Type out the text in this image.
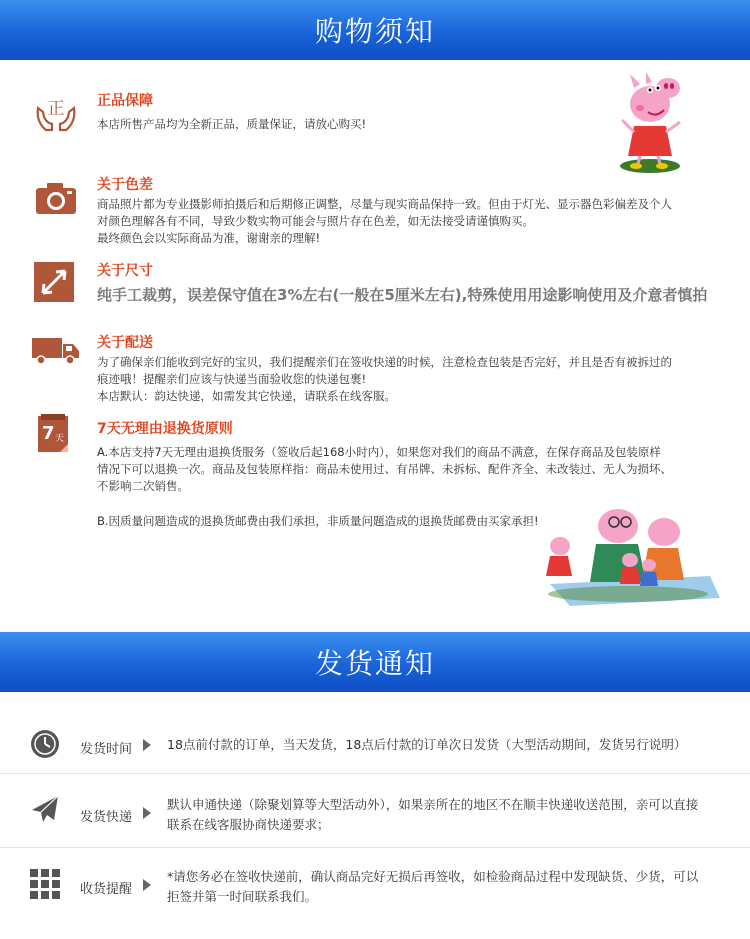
购物须知
正 正品保障
本店所售产品均为全新正品，质量保证，请放心购买!
关于色差
商品照片都为专业摄影师拍摄后和后期修正调整，尽量与现实商品保持一致。但由于灯光、显示器色彩偏差及个人
对颜色理解各有不同，导致少数实物可能会与照片存在色差，如无法接受请谨慎购买。
最终颜色会以实际商品为准，谢谢亲的理解!
关于尺寸
纯手工裁剪，误差保守值在3%左右(一般在5厘米左右),特殊使用用途影响使用及介意者慎拍
关于配送
为了确保亲们能收到完好的宝贝，我们提醒亲们在签收快递的时候，注意检查包装是否完好，并且是否有被拆过的
痕迹哦！提醒亲们应该与快递当面验收您的快递包裹!
本店默认：韵达快递，如需发其它快递，请联系在线客服。
7 天
7天无理由退换货原则
A.本店支持7天无理由退换货服务（签收后起168小时内），如果您对我们的商品不满意，在保存商品及包装原样
情况下可以退换一次。商品及包装原样指：商品未使用过、有吊牌、未拆标、配件齐全、未改装过、无人为损坏、
不影响二次销售。
B.因质量问题造成的退换货邮费由我们承担，非质量问题造成的退换货邮费由买家承担!
发货通知
发货时间	18点前付款的订单，当天发货，18点后付款的订单次日发货（大型活动期间，发货另行说明）
发货快递
默认申通快递（除聚划算等大型活动外），如果亲所在的地区不在顺丰快递收送范围，亲可以直接
联系在线客服协商快递要求；
收货提醒
*请您务必在签收快递前，确认商品完好无损后再签收，如检验商品过程中发现缺货、少货，可以
拒签并第一时间联系我们。
